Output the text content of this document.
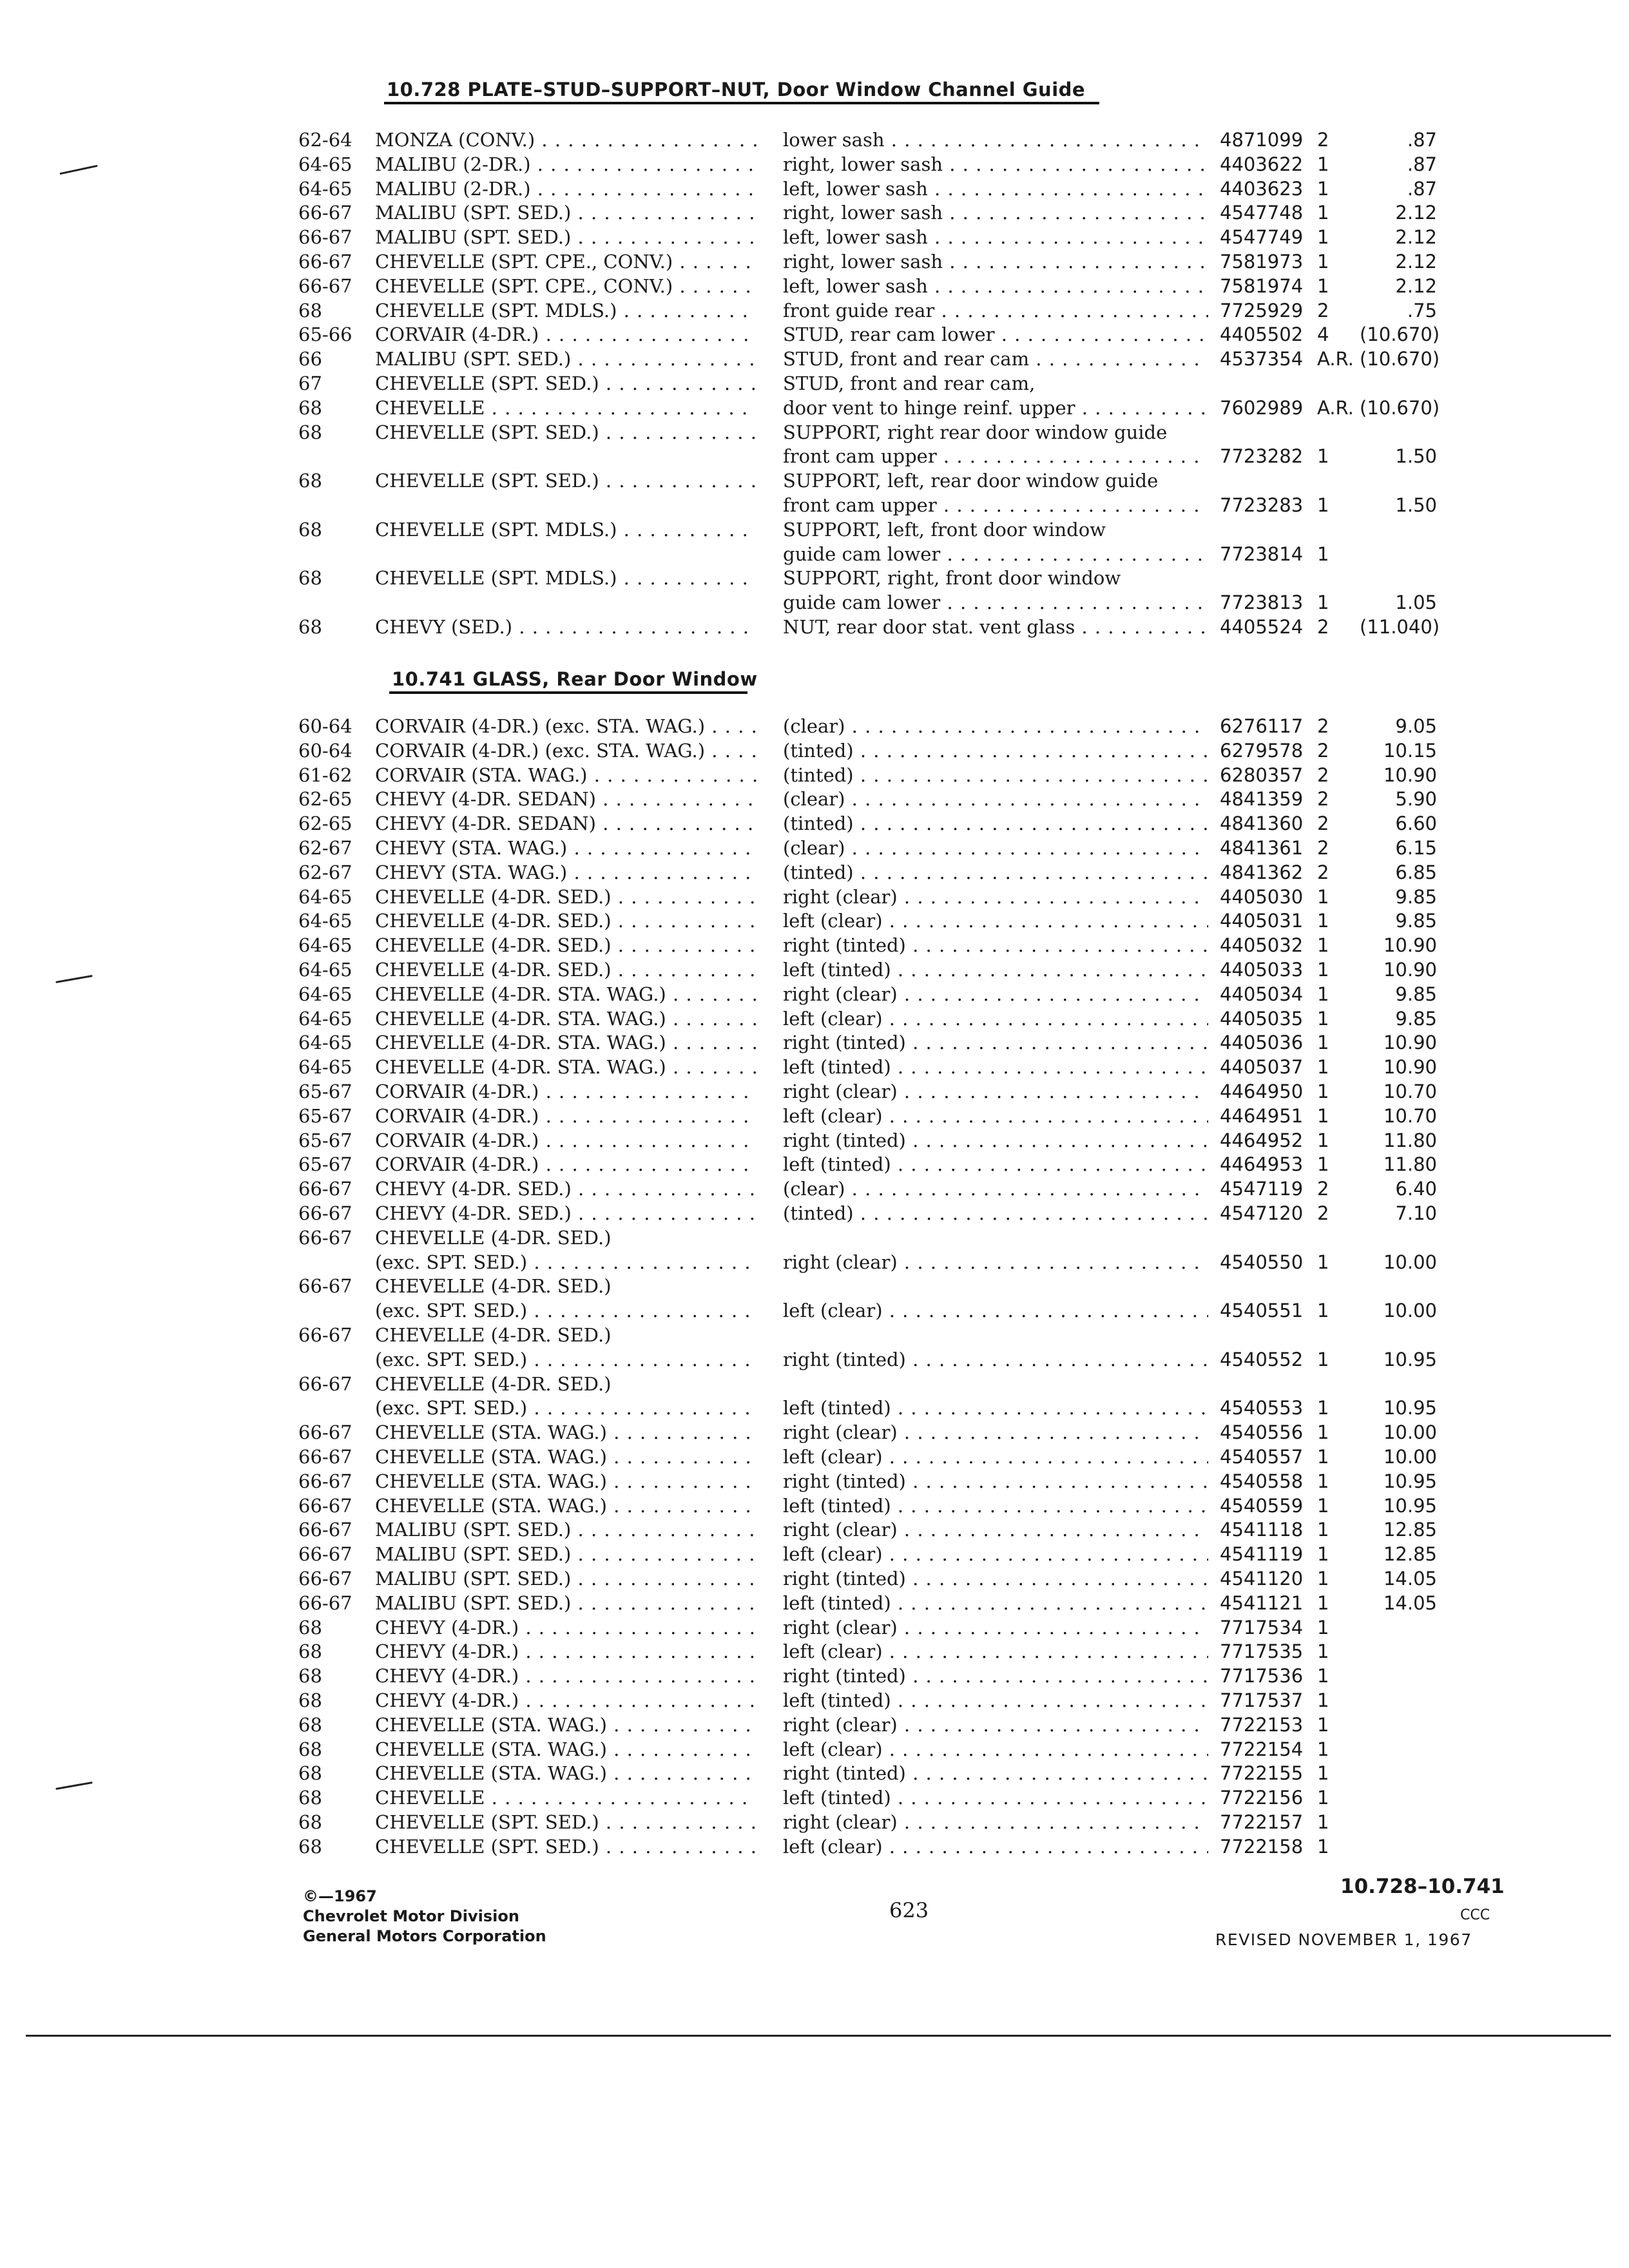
10.728 PLATE–STUD–SUPPORT–NUT, Door Window Channel Guide
62-64 MONZA (CONV.) . . .	lower sash . . .	4871099 2	.87
64-65 MALIBU (2-DR.) . . .	right, lower sash . . .	4403622 1	.87
64-65 MALIBU (2-DR.) . . .	left, lower sash . . .	4403623 1	.87
66-67 MALIBU (SPT. SED.) . . .	right, lower sash . . .	4547748 1	2.12
66-67 MALIBU (SPT. SED.) . . .	left, lower sash . . .	4547749 1	2.12
66-67 CHEVELLE (SPT. CPE., CONV.) . . .	right, lower sash . . .	7581973 1	2.12
66-67 CHEVELLE (SPT. CPE., CONV.) . . .	left, lower sash . . .	7581974 1	2.12
68	CHEVELLE (SPT. MDLS.) . . .	front guide rear . . .	7725929 2	.75
65-66 CORVAIR (4-DR.) . . .	STUD, rear cam lower . . .	4405502 4 (10.670)
66	MALIBU (SPT. SED.) . . .	STUD, front and rear cam . . .	4537354 A.R. (10.670)
67	CHEVELLE (SPT. SED.) . . .	STUD, front and rear cam,
68	CHEVELLE . . .	door vent to hinge reinf. upper . . .	7602989 A.R. (10.670)
68	CHEVELLE (SPT. SED.) . . .	SUPPORT, right rear door window guide
front cam upper . . .	7723282 1	1.50
68	CHEVELLE (SPT. SED.) . . .	SUPPORT, left, rear door window guide
front cam upper . . .	7723283 1	1.50
68	CHEVELLE (SPT. MDLS.) . . .	SUPPORT, left, front door window
guide cam lower . . .	7723814 1
68	CHEVELLE (SPT. MDLS.) . . .	SUPPORT, right, front door window
guide cam lower . . .	7723813 1	1.05
68	CHEVY (SED.) . . .	NUT, rear door stat. vent glass . . .	4405524 2 (11.040)
10.741 GLASS, Rear Door Window
60-64 CORVAIR (4-DR.) (exc. STA. WAG.) . . .	(clear) . . .	6276117 2	9.05
60-64 CORVAIR (4-DR.) (exc. STA. WAG.) . . .	(tinted) . . .	6279578 2	10.15
61-62 CORVAIR (STA. WAG.) . . .	(tinted) . . .	6280357 2	10.90
62-65 CHEVY (4-DR. SEDAN) . . .	(clear) . . .	4841359 2	5.90
62-65 CHEVY (4-DR. SEDAN) . . .	(tinted) . . .	4841360 2	6.60
62-67 CHEVY (STA. WAG.) . . .	(clear) . . .	4841361 2	6.15
62-67 CHEVY (STA. WAG.) . . .	(tinted) . . .	4841362 2	6.85
64-65 CHEVELLE (4-DR. SED.) . . .	right (clear) . . .	4405030 1	9.85
64-65 CHEVELLE (4-DR. SED.) . . .	left (clear) . . .	4405031 1	9.85
64-65 CHEVELLE (4-DR. SED.) . . .	right (tinted) . . .	4405032 1	10.90
64-65 CHEVELLE (4-DR. SED.) . . .	left (tinted) . . .	4405033 1	10.90
64-65 CHEVELLE (4-DR. STA. WAG.) . . .	right (clear) . . .	4405034 1	9.85
64-65 CHEVELLE (4-DR. STA. WAG.) . . .	left (clear) . . .	4405035 1	9.85
64-65 CHEVELLE (4-DR. STA. WAG.) . . .	right (tinted) . . .	4405036 1	10.90
64-65 CHEVELLE (4-DR. STA. WAG.) . . .	left (tinted) . . .	4405037 1	10.90
65-67 CORVAIR (4-DR.) . . .	right (clear) . . .	4464950 1	10.70
65-67 CORVAIR (4-DR.) . . .	left (clear) . . .	4464951 1	10.70
65-67 CORVAIR (4-DR.) . . .	right (tinted) . . .	4464952 1	11.80
65-67 CORVAIR (4-DR.) . . .	left (tinted) . . .	4464953 1	11.80
66-67 CHEVY (4-DR. SED.) . . .	(clear) . . .	4547119 2	6.40
66-67 CHEVY (4-DR. SED.) . . .	(tinted) . . .	4547120 2	7.10
66-67 CHEVELLE (4-DR. SED.)
(exc. SPT. SED.) . . .	right (clear) . . .	4540550 1	10.00
66-67 CHEVELLE (4-DR. SED.)
(exc. SPT. SED.) . . .	left (clear) . . .	4540551 1	10.00
66-67 CHEVELLE (4-DR. SED.)
(exc. SPT. SED.) . . .	right (tinted) . . .	4540552 1	10.95
66-67 CHEVELLE (4-DR. SED.)
(exc. SPT. SED.) . . .	left (tinted) . . .	4540553 1	10.95
66-67 CHEVELLE (STA. WAG.) . . .	right (clear) . . .	4540556 1	10.00
66-67 CHEVELLE (STA. WAG.) . . .	left (clear) . . .	4540557 1	10.00
66-67 CHEVELLE (STA. WAG.) . . .	right (tinted) . . .	4540558 1	10.95
66-67 CHEVELLE (STA. WAG.) . . .	left (tinted) . . .	4540559 1	10.95
66-67 MALIBU (SPT. SED.) . . .	right (clear) . . .	4541118 1	12.85
66-67 MALIBU (SPT. SED.) . . .	left (clear) . . .	4541119 1	12.85
66-67 MALIBU (SPT. SED.) . . .	right (tinted) . . .	4541120 1	14.05
66-67 MALIBU (SPT. SED.) . . .	left (tinted) . . .	4541121 1	14.05
68	CHEVY (4-DR.) . . .	right (clear) . . .	7717534 1
68	CHEVY (4-DR.) . . .	left (clear) . . .	7717535 1
68	CHEVY (4-DR.) . . .	right (tinted) . . .	7717536 1
68	CHEVY (4-DR.) . . .	left (tinted) . . .	7717537 1
68	CHEVELLE (STA. WAG.) . . .	right (clear) . . .	7722153 1
68	CHEVELLE (STA. WAG.) . . .	left (clear) . . .	7722154 1
68	CHEVELLE (STA. WAG.) . . .	right (tinted) . . .	7722155 1
68	CHEVELLE . . .	left (tinted) . . .	7722156 1
68	CHEVELLE (SPT. SED.) . . .	right (clear) . . .	7722157 1
68	CHEVELLE (SPT. SED.) . . .	left (clear) . . .	7722158 1
©—1967
Chevrolet Motor Division
General Motors Corporation
623
10.728–10.741
CCC
REVISED NOVEMBER 1, 1967
